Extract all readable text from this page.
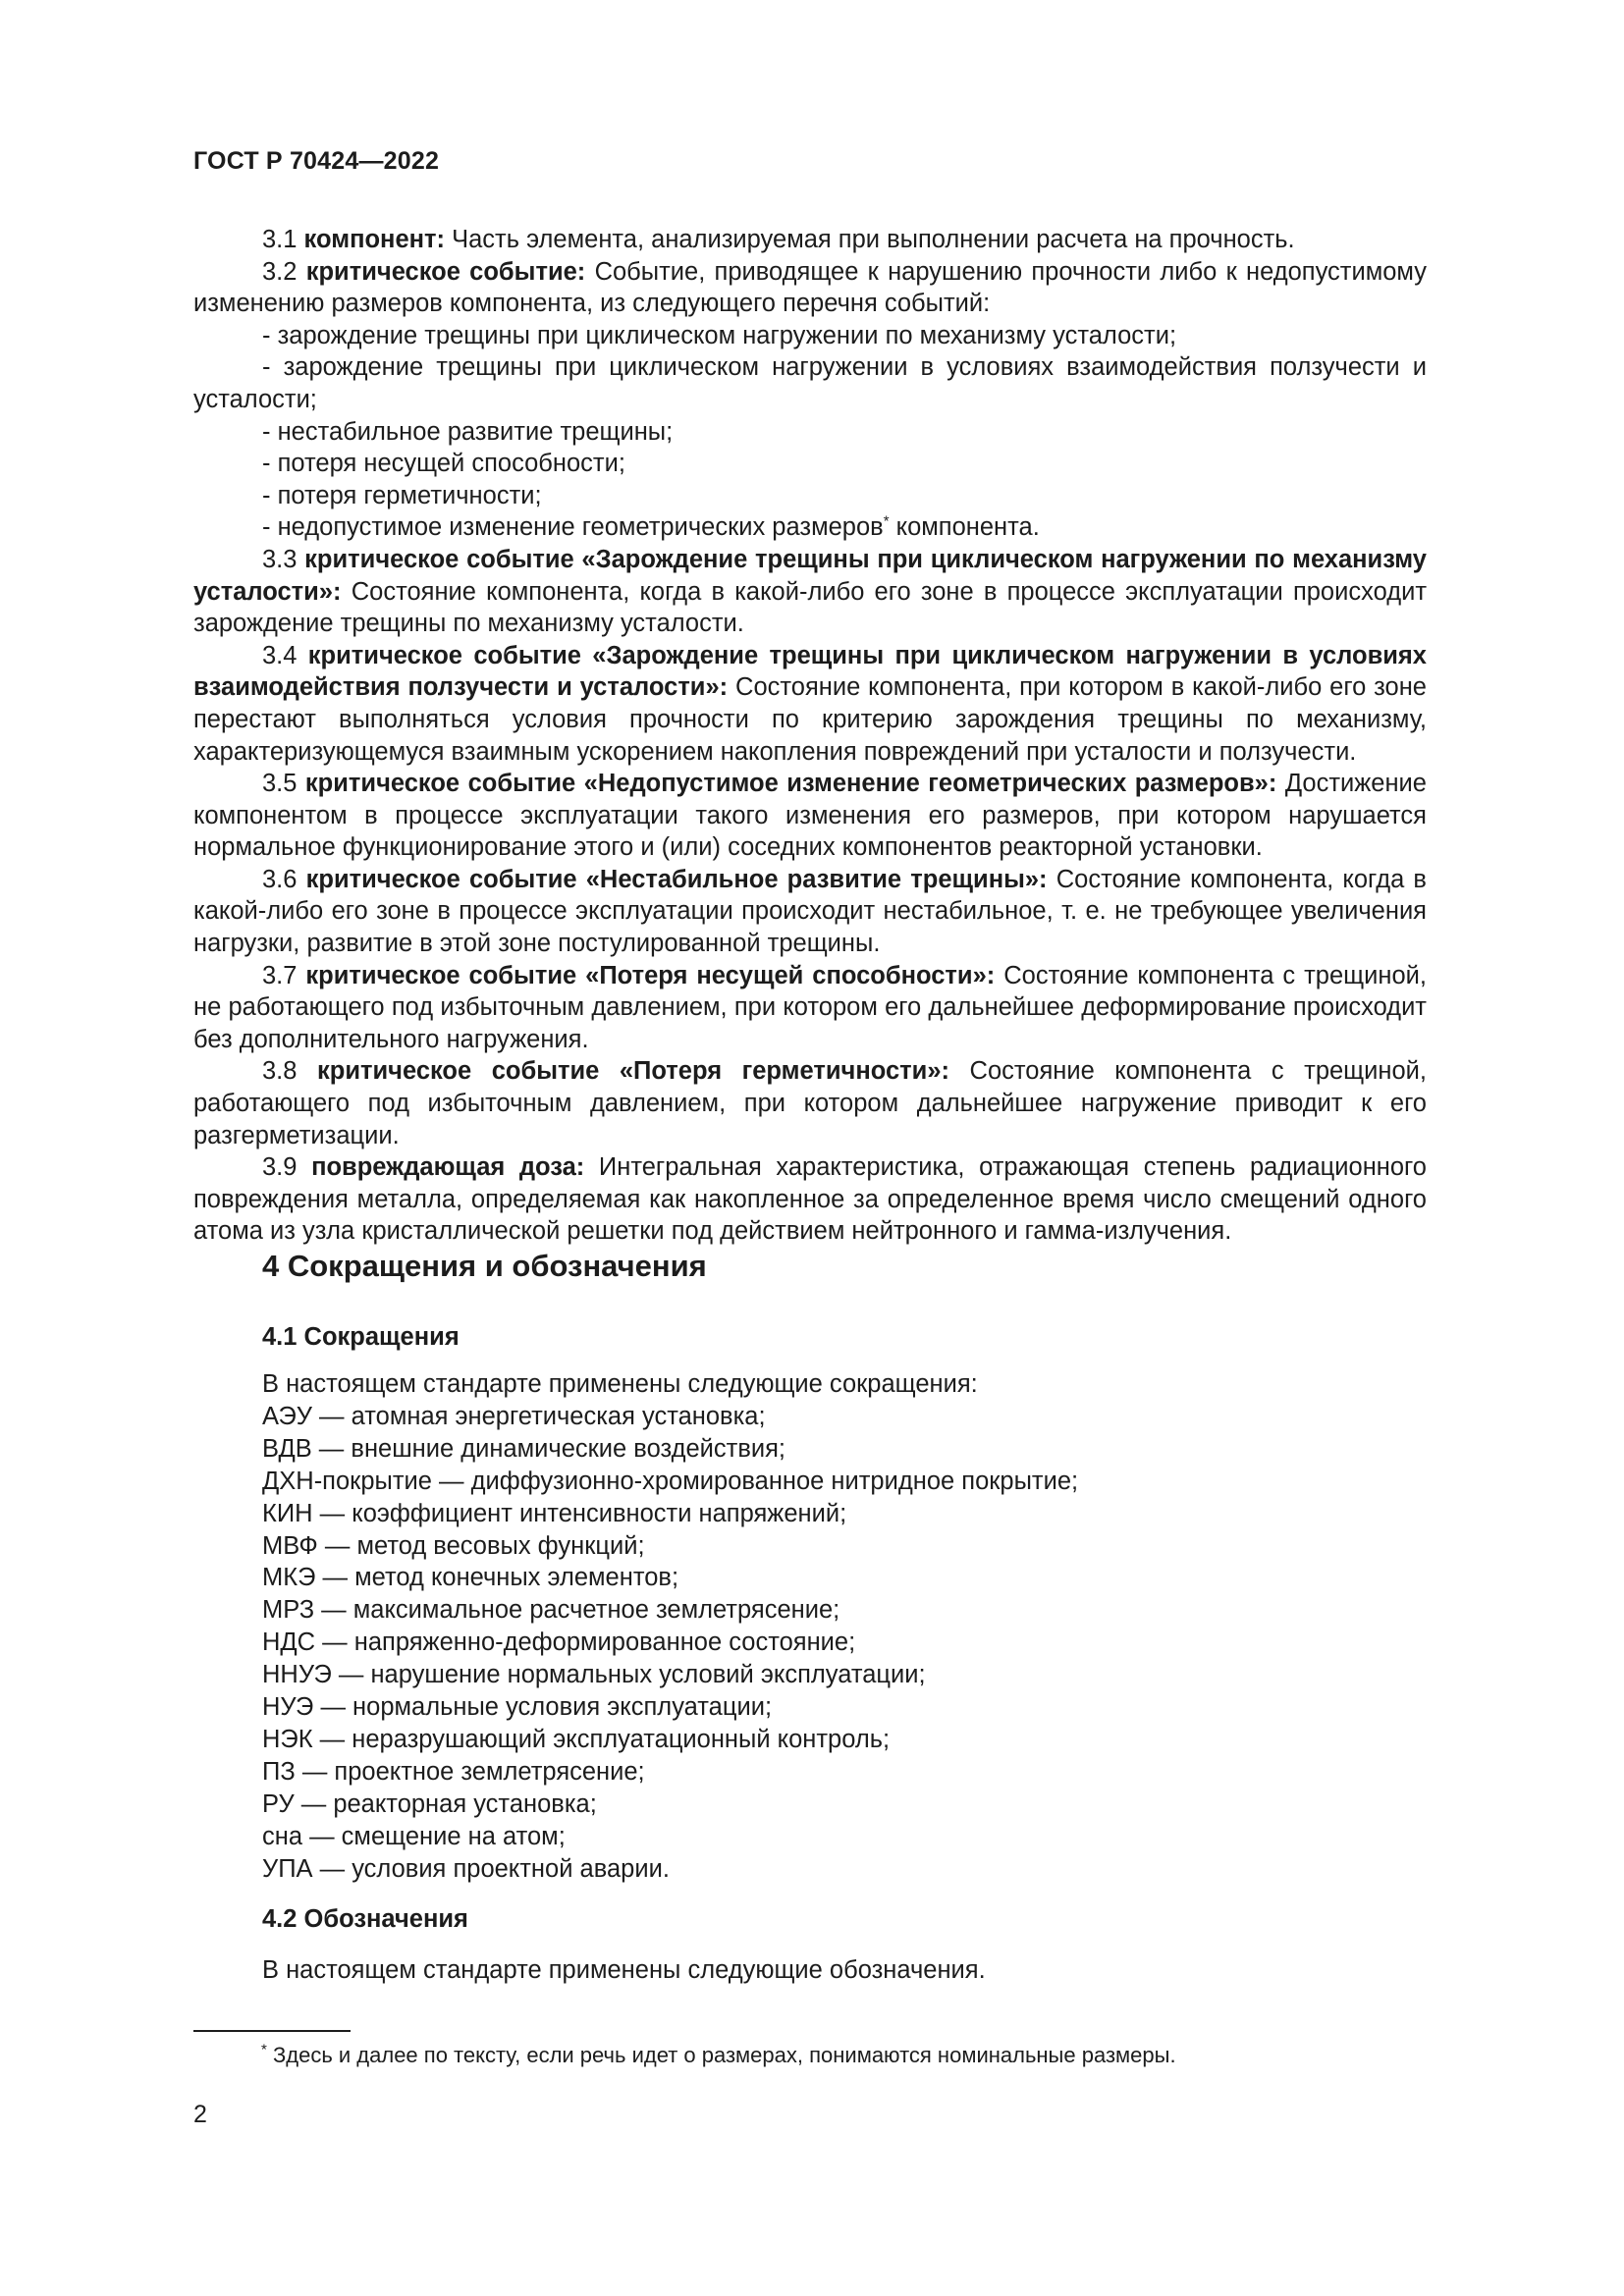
ГОСТ Р 70424—2022

3.1 компонент: Часть элемента, анализируемая при выполнении расчета на прочность.

3.2 критическое событие: Событие, приводящее к нарушению прочности либо к недопустимому изменению размеров компонента, из следующего перечня событий:

- зарождение трещины при циклическом нагружении по механизму усталости;

- зарождение трещины при циклическом нагружении в условиях взаимодействия ползучести и усталости;

- нестабильное развитие трещины;

- потеря несущей способности;

- потеря герметичности;

- недопустимое изменение геометрических размеров* компонента.

3.3 критическое событие «Зарождение трещины при циклическом нагружении по механизму усталости»: Состояние компонента, когда в какой-либо его зоне в процессе эксплуатации происходит зарождение трещины по механизму усталости.

3.4 критическое событие «Зарождение трещины при циклическом нагружении в условиях взаимодействия ползучести и усталости»: Состояние компонента, при котором в какой-либо его зоне перестают выполняться условия прочности по критерию зарождения трещины по механизму, характеризующемуся взаимным ускорением накопления повреждений при усталости и ползучести.

3.5 критическое событие «Недопустимое изменение геометрических размеров»: Достижение компонентом в процессе эксплуатации такого изменения его размеров, при котором нарушается нормальное функционирование этого и (или) соседних компонентов реакторной установки.

3.6 критическое событие «Нестабильное развитие трещины»: Состояние компонента, когда в какой-либо его зоне в процессе эксплуатации происходит нестабильное, т. е. не требующее увеличения нагрузки, развитие в этой зоне постулированной трещины.

3.7 критическое событие «Потеря несущей способности»: Состояние компонента с трещиной, не работающего под избыточным давлением, при котором его дальнейшее деформирование происходит без дополнительного нагружения.

3.8 критическое событие «Потеря герметичности»: Состояние компонента с трещиной, работающего под избыточным давлением, при котором дальнейшее нагружение приводит к его разгерметизации.

3.9 повреждающая доза: Интегральная характеристика, отражающая степень радиационного повреждения металла, определяемая как накопленное за определенное время число смещений одного атома из узла кристаллической решетки под действием нейтронного и гамма-излучения.

4 Сокращения и обозначения
4.1 Сокращения
В настоящем стандарте применены следующие сокращения:
АЭУ — атомная энергетическая установка;
ВДВ — внешние динамические воздействия;
ДХН-покрытие — диффузионно-хромированное нитридное покрытие;
КИН — коэффициент интенсивности напряжений;
МВФ — метод весовых функций;
МКЭ — метод конечных элементов;
МРЗ — максимальное расчетное землетрясение;
НДС — напряженно-деформированное состояние;
ННУЭ — нарушение нормальных условий эксплуатации;
НУЭ — нормальные условия эксплуатации;
НЭК — неразрушающий эксплуатационный контроль;
ПЗ — проектное землетрясение;
РУ — реакторная установка;
сна — смещение на атом;
УПА — условия проектной аварии.
4.2 Обозначения
В настоящем стандарте применены следующие обозначения.
* Здесь и далее по тексту, если речь идет о размерах, понимаются номинальные размеры.
2
